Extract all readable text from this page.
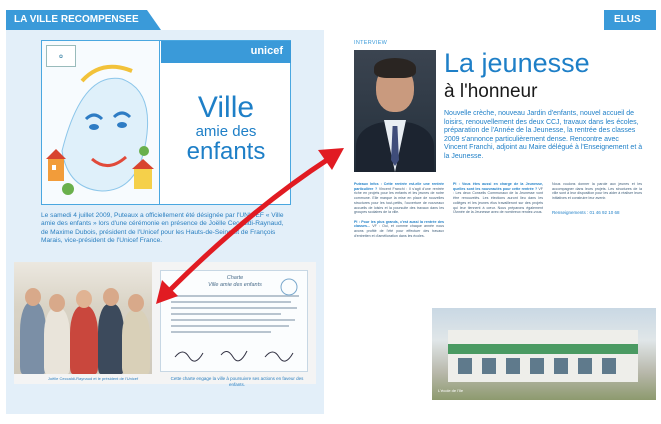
LA VILLE RECOMPENSEE
✿	unicef
Ville
amie des
enfants

Le samedi 4 juillet 2009, Puteaux a officiellement été désignée par l'UNICEF « Ville amie des enfants » lors d'une cérémonie en présence de Joëlle Ceccaldi-Raynaud, de Maxime Dubois, président de l'Unicef pour les Hauts-de-Seine et de François Marais, vice-président de l'Unicef France.

Charte
Ville amie des enfants

Joëlle Ceccaldi-Raynaud et le président de l'Unicef	Cette charte engage la ville à poursuivre ses actions en faveur des enfants.

ELUS
INTERVIEW
La jeunesse
à l'honneur

Nouvelle crèche, nouveau Jardin d'enfants, nouvel accueil de loisirs, renouvellement des deux CCJ, travaux dans les écoles, préparation de l'Année de la Jeunesse, la rentrée des classes 2009 s'annonce particulièrement dense. Rencontre avec Vincent Franchi, adjoint au Maire délégué à l'Enseignement et à la Jeunesse.

Puteaux Infos : Cette rentrée est-elle une rentrée particulière ? Vincent Franchi : Il s'agit d'une rentrée riche en projets pour les enfants et les jeunes de notre commune. Elle marque la mise en place de nouvelles structures pour les tout-petits, l'ouverture de nouveaux accueils de loisirs et la poursuite des travaux dans les groupes scolaires de la ville.

PI : Pour les plus grands, c'est aussi la rentrée des classes... VF : Oui, et comme chaque année nous avons profité de l'été pour effectuer des travaux d'entretien et d'amélioration dans les écoles.
PI : Vous êtes aussi en charge de la Jeunesse, quelles sont les nouveautés pour cette rentrée ? VF : Les deux Conseils Communaux de la Jeunesse vont être renouvelés. Les élections auront lieu dans les collèges et les jeunes élus travailleront sur des projets qui leur tiennent à cœur. Nous préparons également l'Année de la Jeunesse avec de nombreux rendez-vous.
Nous voulons donner la parole aux jeunes et les accompagner dans leurs projets. Les structures de la ville sont à leur disposition pour les aider à réaliser leurs initiatives et construire leur avenir.
Renseignements : 01 46 92 10 68
L'école de l'Ile
